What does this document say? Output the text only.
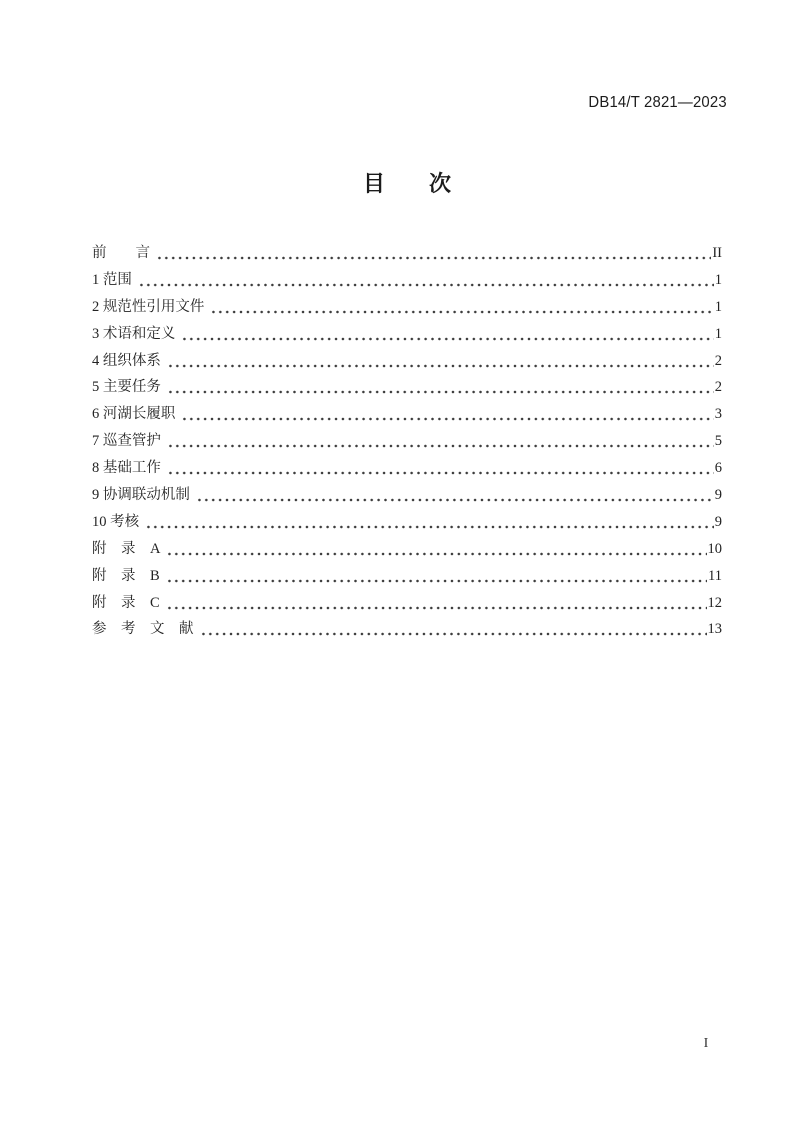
DB14/T 2821—2023
目　　次
前　　言	II
1 范围	1
2 规范性引用文件	1
3 术语和定义	1
4 组织体系	2
5 主要任务	2
6 河湖长履职	3
7 巡查管护	5
8 基础工作	6
9 协调联动机制	9
10 考核	9
附　录　A	10
附　录　B	11
附　录　C	12
参　考　文　献	13
I
